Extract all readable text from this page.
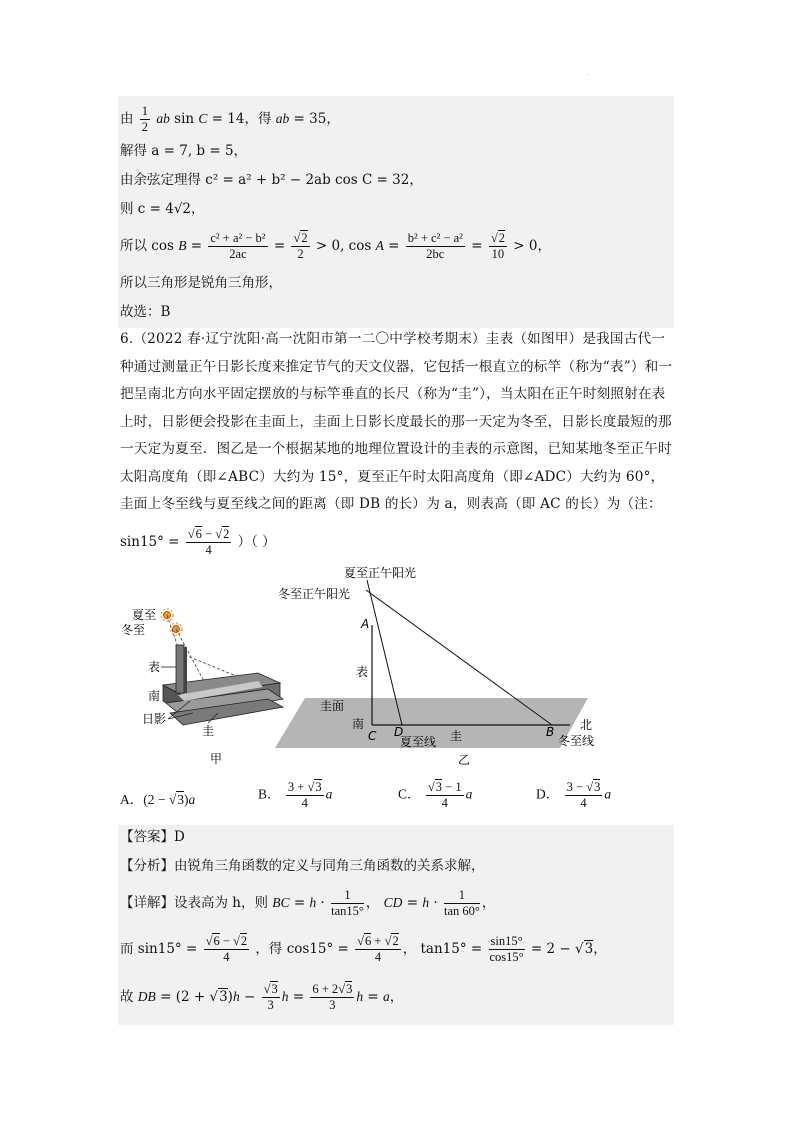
.
由 $\frac{1}{2}$ ab sin C = 14，得 ab = 35，
解得 a = 7, b = 5，
由余弦定理得 c² = a² + b² − 2ab cos C = 32，
则 c = 4√2，
所以 $\cos B = \frac{\text{c² + a² − b²}}{2ac} = \frac{√2}{2} > 0$, $\cos A = \frac{\text{b² + c² − a²}}{2bc} = \frac{√2}{10} > 0$，
所以三角形是锐角三角形，
故选：B
6.（2022 春·辽宁沈阳·高一沈阳市第一二〇中学校考期末）圭表（如图甲）是我国古代一种通过测量正午日影长度来推定节气的天文仪器，它包括一根直立的标竿（称为“表”）和一把呈南北方向水平固定摆放的与标竿垂直的长尺（称为“圭”），当太阳在正午时刻照射在表上时，日影便会投影在圭面上，圭面上日影长度最长的那一天定为冬至，日影长度最短的那一天定为夏至．图乙是一个根据某地的地理位置设计的圭表的示意图，已知某地冬至正午时太阳高度角（即∠ABC）大约为 15°，夏至正午时太阳高度角（即∠ADC）大约为 60°，圭面上冬至线与夏至线之间的距离（即 DB 的长）为 a，则表高（即 AC 的长）为（注：
$\sin 15^\circ = \frac{√6 - √2}{4}$ ）（ ）
夏至
冬至
表
南
日影
圭
甲
夏至正午阳光
冬至正午阳光
A
表
圭面
南
C D
夏至线 圭	B 北
冬至线
乙
A．(2 − √3)a	B． $\frac{3 + √3}{4}$ a	C． $\frac{√3 - 1}{4}$ a	D． $\frac{3 - √3}{4}$ a
【答案】D
【分析】由锐角三角函数的定义与同角三角函数的关系求解，
【详解】设表高为 h，则 BC = $h \cdot \frac{1}{\tan 15^\circ}$ ， CD = $h \cdot \frac{1}{\tan 60^\circ}$ ，
而 $\sin 15^\circ = \frac{√6 - √2}{4}$ ，得 $\cos 15^\circ = \frac{√6 + √2}{4}$ ， $\tan 15^\circ = \frac{\sin 15^\circ}{\cos 15^\circ} = 2 - √3$，
故 DB = $(2 + √3)h - \frac{√3}{3}$ $h = \frac{6 + 2√3}{3}$ h = a，
